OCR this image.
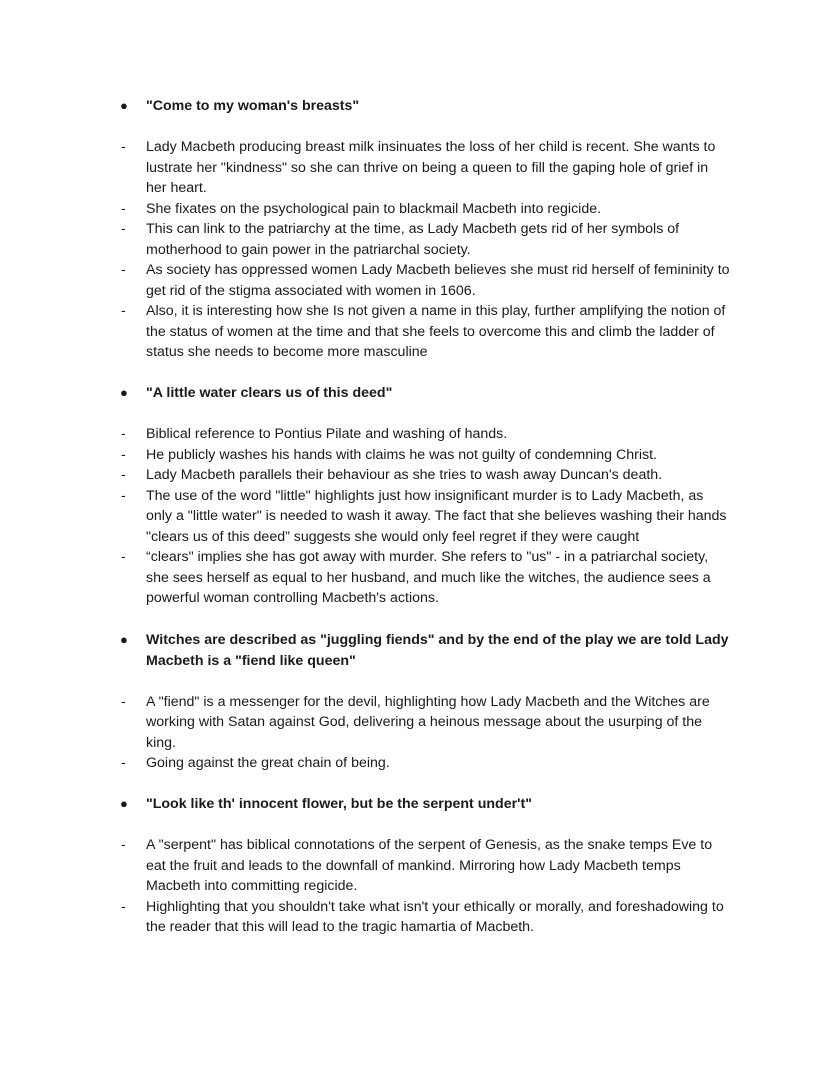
● "Come to my woman's breasts"
- Lady Macbeth producing breast milk insinuates the loss of her child is recent. She wants to lustrate her "kindness" so she can thrive on being a queen to fill the gaping hole of grief in her heart.
- She fixates on the psychological pain to blackmail Macbeth into regicide.
- This can link to the patriarchy at the time, as Lady Macbeth gets rid of her symbols of motherhood to gain power in the patriarchal society.
- As society has oppressed women Lady Macbeth believes she must rid herself of femininity to get rid of the stigma associated with women in 1606.
- Also, it is interesting how she Is not given a name in this play, further amplifying the notion of the status of women at the time and that she feels to overcome this and climb the ladder of status she needs to become more masculine
● "A little water clears us of this deed"
- Biblical reference to Pontius Pilate and washing of hands.
- He publicly washes his hands with claims he was not guilty of condemning Christ.
- Lady Macbeth parallels their behaviour as she tries to wash away Duncan's death.
- The use of the word "little" highlights just how insignificant murder is to Lady Macbeth, as only a "little water" is needed to wash it away. The fact that she believes washing their hands "clears us of this deed” suggests she would only feel regret if they were caught
- “clears" implies she has got away with murder. She refers to "us" - in a patriarchal society, she sees herself as equal to her husband, and much like the witches, the audience sees a powerful woman controlling Macbeth's actions.
● Witches are described as "juggling fiends" and by the end of the play we are told Lady Macbeth is a "fiend like queen"
- A "fiend" is a messenger for the devil, highlighting how Lady Macbeth and the Witches are working with Satan against God, delivering a heinous message about the usurping of the king.
- Going against the great chain of being.
● "Look like th' innocent flower, but be the serpent under't"
- A "serpent" has biblical connotations of the serpent of Genesis, as the snake temps Eve to eat the fruit and leads to the downfall of mankind. Mirroring how Lady Macbeth temps Macbeth into committing regicide.
- Highlighting that you shouldn't take what isn't your ethically or morally, and foreshadowing to the reader that this will lead to the tragic hamartia of Macbeth.
